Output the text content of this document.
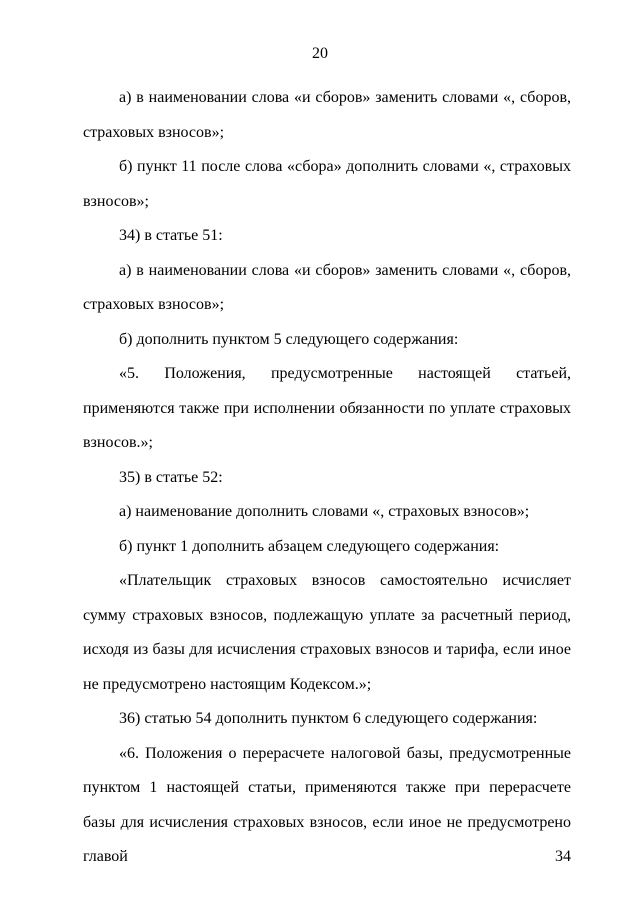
20

а) в наименовании слова «и сборов» заменить словами «, сборов, страховых взносов»;

б) пункт 11 после слова «сбора» дополнить словами «, страховых взносов»;

34) в статье 51:

а) в наименовании слова «и сборов» заменить словами «, сборов, страховых взносов»;

б) дополнить пунктом 5 следующего содержания:

«5. Положения, предусмотренные настоящей статьей, применяются также при исполнении обязанности по уплате страховых взносов.»;

35) в статье 52:

а) наименование дополнить словами «, страховых взносов»;

б) пункт 1 дополнить абзацем следующего содержания:

«Плательщик страховых взносов самостоятельно исчисляет сумму страховых взносов, подлежащую уплате за расчетный период, исходя из базы для исчисления страховых взносов и тарифа, если иное не предусмотрено настоящим Кодексом.»;

36) статью 54 дополнить пунктом 6 следующего содержания:

«6. Положения о перерасчете налоговой базы, предусмотренные пунктом 1 настоящей статьи, применяются также при перерасчете базы для исчисления страховых взносов, если иное не предусмотрено главой 34
